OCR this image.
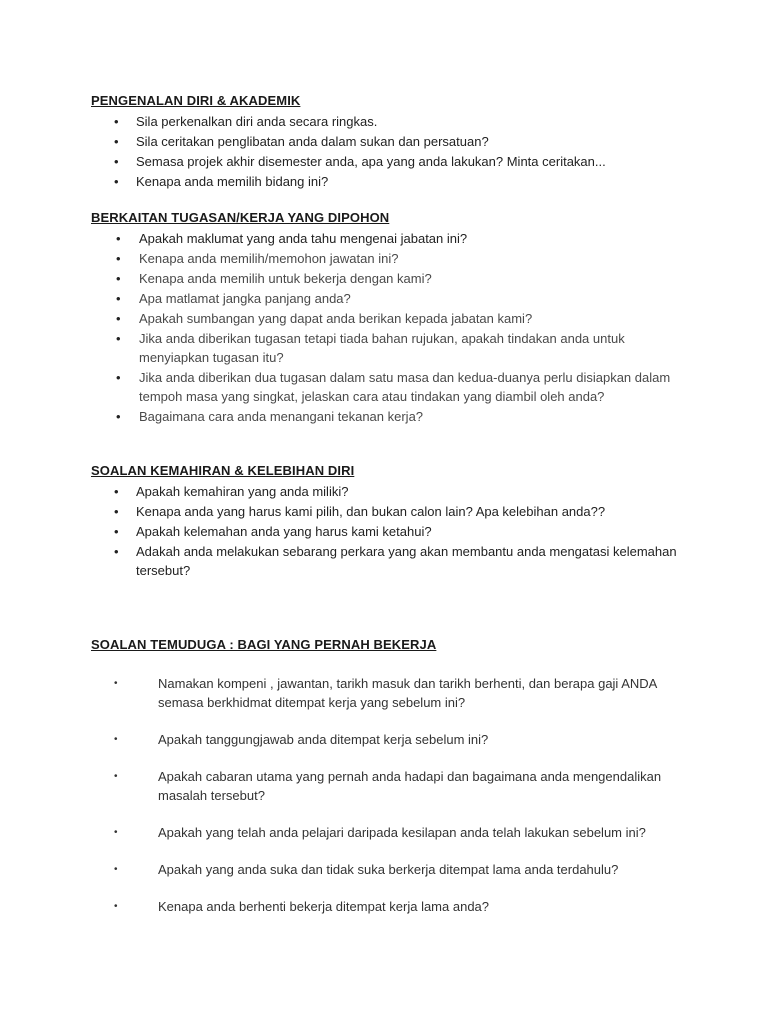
PENGENALAN DIRI & AKADEMIK
• Sila perkenalkan diri anda secara ringkas.
• Sila ceritakan penglibatan anda dalam sukan dan persatuan?
• Semasa projek akhir disemester anda, apa yang anda lakukan? Minta ceritakan...
• Kenapa anda memilih bidang ini?
BERKAITAN TUGASAN/KERJA YANG DIPOHON
• Apakah maklumat yang anda tahu mengenai jabatan ini?
• Kenapa anda memilih/memohon jawatan ini?
• Kenapa anda memilih untuk bekerja dengan kami?
• Apa matlamat jangka panjang anda?
• Apakah sumbangan yang dapat anda berikan kepada jabatan kami?
• Jika anda diberikan tugasan tetapi tiada bahan rujukan, apakah tindakan anda untuk menyiapkan tugasan itu?
• Jika anda diberikan dua tugasan dalam satu masa dan kedua-duanya perlu disiapkan dalam tempoh masa yang singkat, jelaskan cara atau tindakan yang diambil oleh anda?
• Bagaimana cara anda menangani tekanan kerja?
SOALAN KEMAHIRAN & KELEBIHAN DIRI
• Apakah kemahiran yang anda miliki?
• Kenapa anda yang harus kami pilih, dan bukan calon lain? Apa kelebihan anda??
• Apakah kelemahan anda yang harus kami ketahui?
• Adakah anda melakukan sebarang perkara yang akan membantu anda mengatasi kelemahan tersebut?
SOALAN TEMUDUGA : BAGI YANG PERNAH BEKERJA
•	Namakan kompeni , jawantan, tarikh masuk dan tarikh berhenti, dan berapa gaji ANDA semasa berkhidmat ditempat kerja yang sebelum ini?
•	Apakah tanggungjawab anda ditempat kerja sebelum ini?
•	Apakah cabaran utama yang pernah anda hadapi dan bagaimana anda mengendalikan masalah tersebut?
•	Apakah yang telah anda pelajari daripada kesilapan anda telah lakukan sebelum ini?
•	Apakah yang anda suka dan tidak suka berkerja ditempat lama anda terdahulu?
•	Kenapa anda berhenti bekerja ditempat kerja lama anda?
